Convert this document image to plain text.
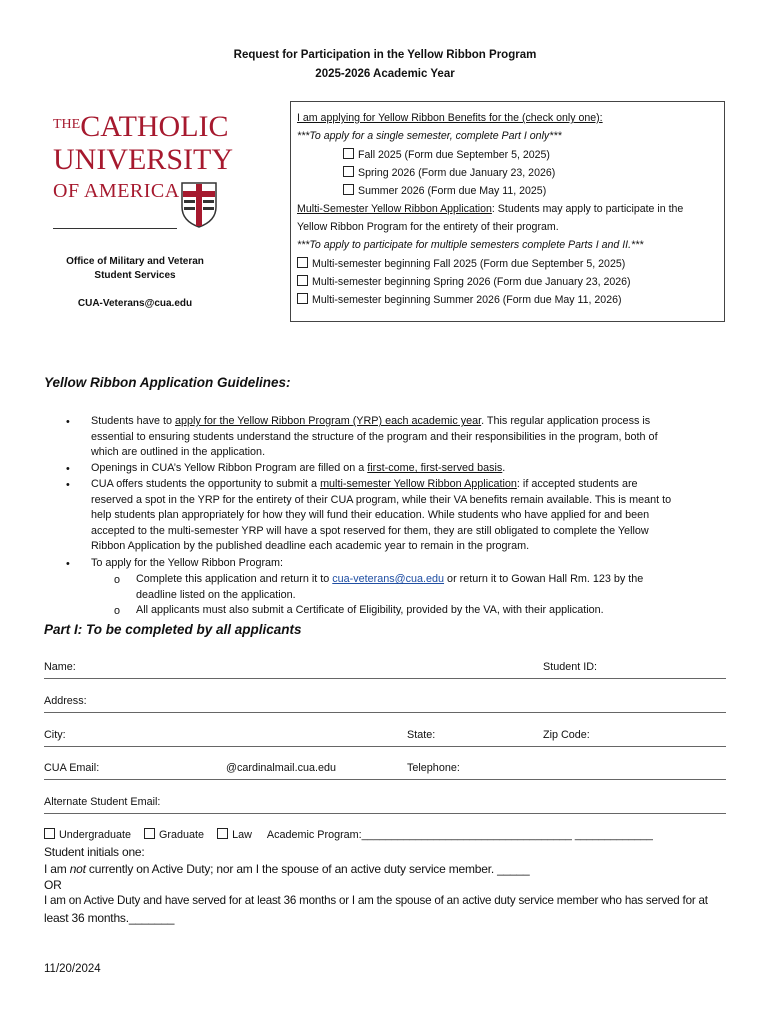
Request for Participation in the Yellow Ribbon Program
2025-2026 Academic Year
THECATHOLIC
UNIVERSITY
OF AMERICA
Office of Military and Veteran
Student Services
CUA-Veterans@cua.edu
I am applying for Yellow Ribbon Benefits for the (check only one):
***To apply for a single semester, complete Part I only***
Fall 2025 (Form due September 5, 2025)
Spring 2026 (Form due January 23, 2026)
Summer 2026 (Form due May 11, 2025)
Multi-Semester Yellow Ribbon Application: Students may apply to participate in the
Yellow Ribbon Program for the entirety of their program.
***To apply to participate for multiple semesters complete Parts I and II.***
Multi-semester beginning Fall 2025 (Form due September 5, 2025)
Multi-semester beginning Spring 2026 (Form due January 23, 2026)
Multi-semester beginning Summer 2026 (Form due May 11, 2026)
Yellow Ribbon Application Guidelines:
• Students have to apply for the Yellow Ribbon Program (YRP) each academic year. This regular application process is
essential to ensuring students understand the structure of the program and their responsibilities in the program, both of
which are outlined in the application.
• Openings in CUA’s Yellow Ribbon Program are filled on a first-come, first-served basis.
• CUA offers students the opportunity to submit a multi-semester Yellow Ribbon Application: if accepted students are
reserved a spot in the YRP for the entirety of their CUA program, while their VA benefits remain available. This is meant to
help students plan appropriately for how they will fund their education. While students who have applied for and been
accepted to the multi-semester YRP will have a spot reserved for them, they are still obligated to complete the Yellow
Ribbon Application by the published deadline each academic year to remain in the program.
• To apply for the Yellow Ribbon Program:
o Complete this application and return it to cua-veterans@cua.edu or return it to Gowan Hall Rm. 123 by the
deadline listed on the application.
o All applicants must also submit a Certificate of Eligibility, provided by the VA, with their application.
Part I: To be completed by all applicants
Name:	Student ID:
Address:
City:	State:	Zip Code:
CUA Email:	@cardinalmail.cua.edu	Telephone:
Alternate Student Email:
Undergraduate	Graduate	Law Academic Program:___________________________________ _____________
Student initials one:
I am not currently on Active Duty; nor am I the spouse of an active duty service member. _____
OR
I am on Active Duty and have served for at least 36 months or I am the spouse of an active duty service member who has served for at
least 36 months._______
11/20/2024
